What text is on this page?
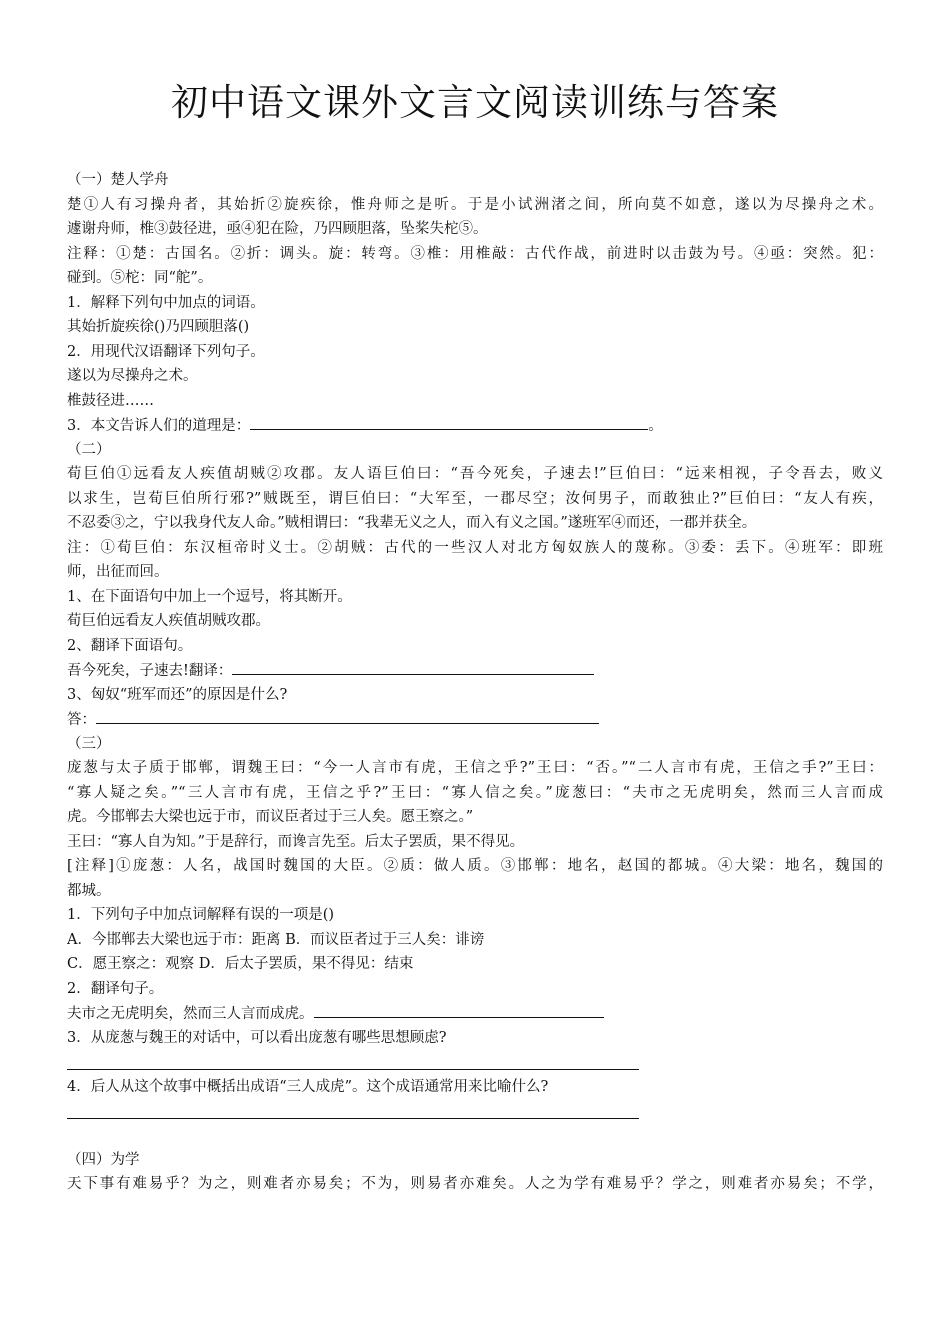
初中语文课外文言文阅读训练与答案
（一）楚人学舟
楚①人有习操舟者，其始折②旋疾徐，惟舟师之是听。于是小试洲渚之间，所向莫不如意，遂以为尽操舟之术。
遽谢舟师，椎③鼓径进，亟④犯在险，乃四顾胆落，坠桨失柁⑤。
注释：①楚：古国名。②折：调头。旋：转弯。③椎：用椎敲：古代作战，前进时以击鼓为号。④亟：突然。犯：
碰到。⑤柁：同“舵”。
1．解释下列句中加点的词语。
其始折旋疾徐()乃四顾胆落()
2．用现代汉语翻译下列句子。
遂以为尽操舟之术。
椎鼓径进……
3．本文告诉人们的道理是：	。
（二）
荀巨伯①远看友人疾值胡贼②攻郡。友人语巨伯曰：“吾今死矣，子速去!”巨伯曰：“远来相视，子令吾去，败义
以求生，岂荀巨伯所行邪?”贼既至，谓巨伯曰：“大军至，一郡尽空；汝何男子，而敢独止?”巨伯曰：“友人有疾，
不忍委③之，宁以我身代友人命。”贼相谓曰：“我辈无义之人，而入有义之国。”遂班军④而还，一郡并获全。
注：①荀巨伯：东汉桓帝时义士。②胡贼：古代的一些汉人对北方匈奴族人的蔑称。③委：丢下。④班军：即班
师，出征而回。
1、在下面语句中加上一个逗号，将其断开。
荀巨伯远看友人疾值胡贼攻郡。
2、翻译下面语句。
吾今死矣，子速去!翻译：
3、匈奴“班军而还”的原因是什么?
答：
（三）
庞葱与太子质于邯郸，谓魏王曰：“今一人言市有虎，王信之乎?”王曰：“否。”“二人言市有虎，王信之手?”王曰：
“寡人疑之矣。”“三人言市有虎，王信之乎?”王曰：“寡人信之矣。”庞葱曰：“夫市之无虎明矣，然而三人言而成
虎。今邯郸去大梁也远于市，而议臣者过于三人矣。愿王察之。”
王曰：“寡人自为知。”于是辞行，而谗言先至。后太子罢质，果不得见。
[注释]①庞葱：人名，战国时魏国的大臣。②质：做人质。③邯郸：地名，赵国的都城。④大梁：地名，魏国的
都城。
1．下列句子中加点词解释有误的一项是()
A．今邯郸去大梁也远于市：距离 B．而议臣者过于三人矣：诽谤
C．愿王察之：观察 D．后太子罢质，果不得见：结束
2．翻译句子。
夫市之无虎明矣，然而三人言而成虎。
3．从庞葱与魏王的对话中，可以看出庞葱有哪些思想顾虑?
4．后人从这个故事中概括出成语“三人成虎”。这个成语通常用来比喻什么?
（四）为学
天下事有难易乎？为之，则难者亦易矣；不为，则易者亦难矣。人之为学有难易乎？学之，则难者亦易矣；不学，
